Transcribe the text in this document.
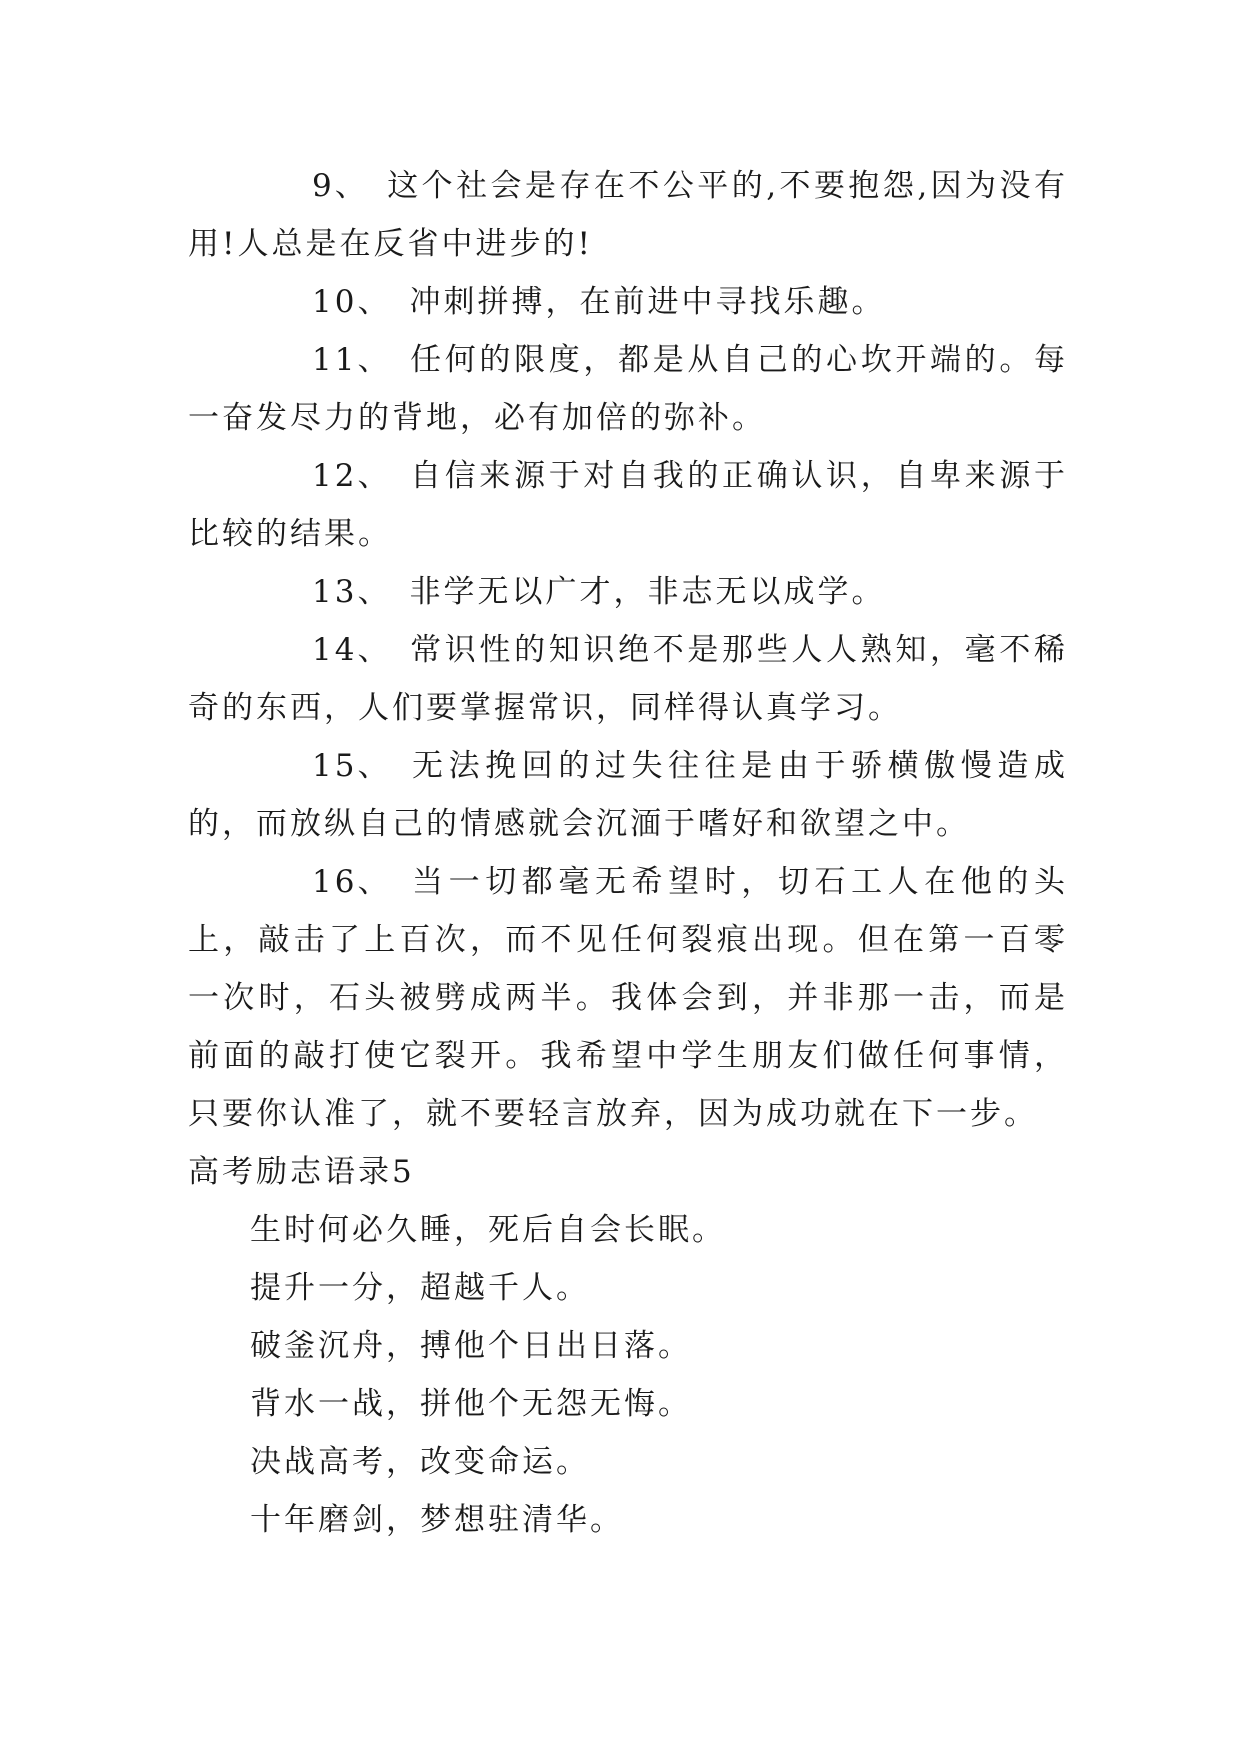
9、 这个社会是存在不公平的,不要抱怨,因为没有用!人总是在反省中进步的!

10、 冲刺拼搏，在前进中寻找乐趣。

11、 任何的限度，都是从自己的心坎开端的。每一奋发尽力的背地，必有加倍的弥补。

12、 自信来源于对自我的正确认识，自卑来源于比较的结果。

13、 非学无以广才，非志无以成学。

14、 常识性的知识绝不是那些人人熟知，毫不稀奇的东西，人们要掌握常识，同样得认真学习。

15、 无法挽回的过失往往是由于骄横傲慢造成的，而放纵自己的情感就会沉湎于嗜好和欲望之中。

16、 当一切都毫无希望时，切石工人在他的头上，敲击了上百次，而不见任何裂痕出现。但在第一百零一次时，石头被劈成两半。我体会到，并非那一击，而是前面的敲打使它裂开。我希望中学生朋友们做任何事情，只要你认准了，就不要轻言放弃，因为成功就在下一步。

高考励志语录5

生时何必久睡，死后自会长眠。

提升一分，超越千人。

破釜沉舟，搏他个日出日落。

背水一战，拼他个无怨无悔。

决战高考，改变命运。

十年磨剑，梦想驻清华。
